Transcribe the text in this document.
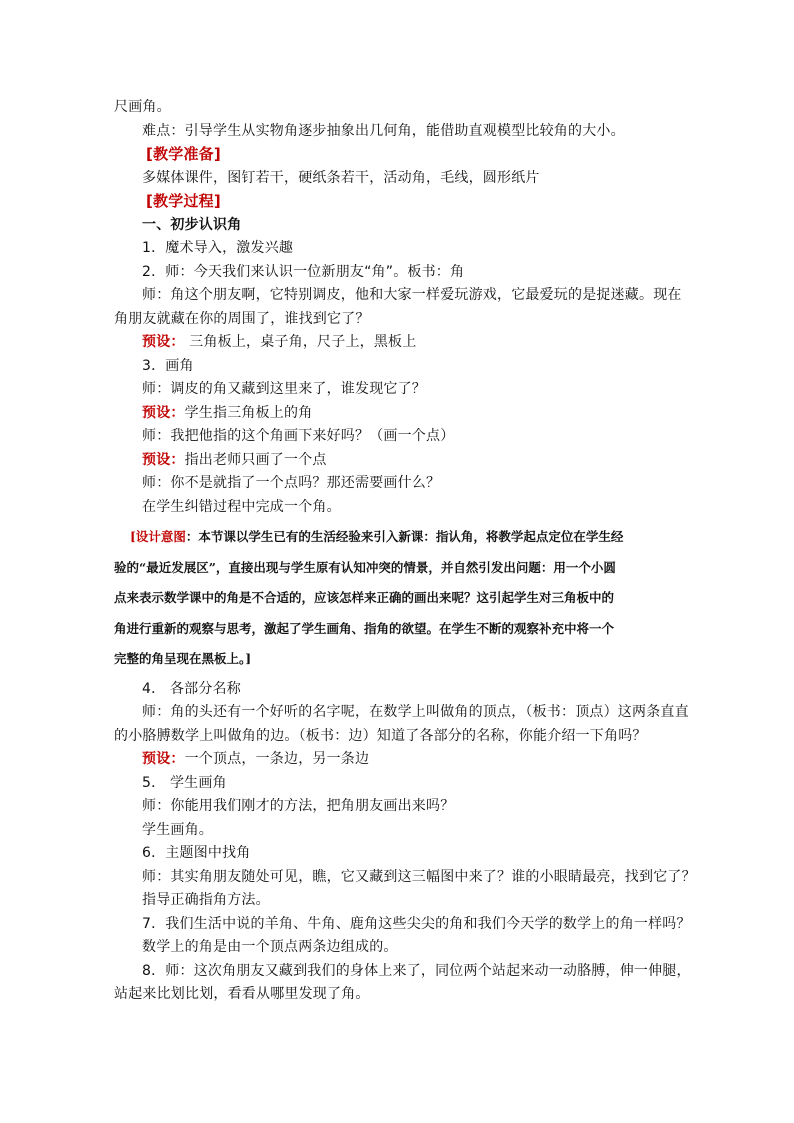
尺画角。

难点：引导学生从实物角逐步抽象出几何角，能借助直观模型比较角的大小。

[教学准备]

多媒体课件，图钉若干，硬纸条若干，活动角，毛线，圆形纸片

[教学过程]

一、初步认识角

1．魔术导入，激发兴趣

2．师：今天我们来认识一位新朋友“角”。板书：角

师：角这个朋友啊，它特别调皮，他和大家一样爱玩游戏，它最爱玩的是捉迷藏。现在

角朋友就藏在你的周围了，谁找到它了？

预设： 三角板上，桌子角，尺子上，黑板上

3．画角

师：调皮的角又藏到这里来了，谁发现它了？

预设：学生指三角板上的角

师：我把他指的这个角画下来好吗？（画一个点）

预设：指出老师只画了一个点

师：你不是就指了一个点吗？那还需要画什么？

在学生纠错过程中完成一个角。

[设计意图：本节课以学生已有的生活经验来引入新课：指认角，将教学起点定位在学生经

验的“最近发展区”，直接出现与学生原有认知冲突的情景，并自然引发出问题：用一个小圆

点来表示数学课中的角是不合适的，应该怎样来正确的画出来呢？这引起学生对三角板中的

角进行重新的观察与思考，激起了学生画角、指角的欲望。在学生不断的观察补充中将一个

完整的角呈现在黑板上。]

4． 各部分名称

师：角的头还有一个好听的名字呢，在数学上叫做角的顶点，（板书：顶点）这两条直直

的小胳膊数学上叫做角的边。（板书：边）知道了各部分的名称，你能介绍一下角吗？

预设：一个顶点，一条边，另一条边

5． 学生画角

师：你能用我们刚才的方法，把角朋友画出来吗？

学生画角。

6．主题图中找角

师：其实角朋友随处可见，瞧，它又藏到这三幅图中来了？谁的小眼睛最亮，找到它了？

指导正确指角方法。

7．我们生活中说的羊角、牛角、鹿角这些尖尖的角和我们今天学的数学上的角一样吗？

数学上的角是由一个顶点两条边组成的。

8．师：这次角朋友又藏到我们的身体上来了，同位两个站起来动一动胳膊，伸一伸腿，

站起来比划比划，看看从哪里发现了角。
